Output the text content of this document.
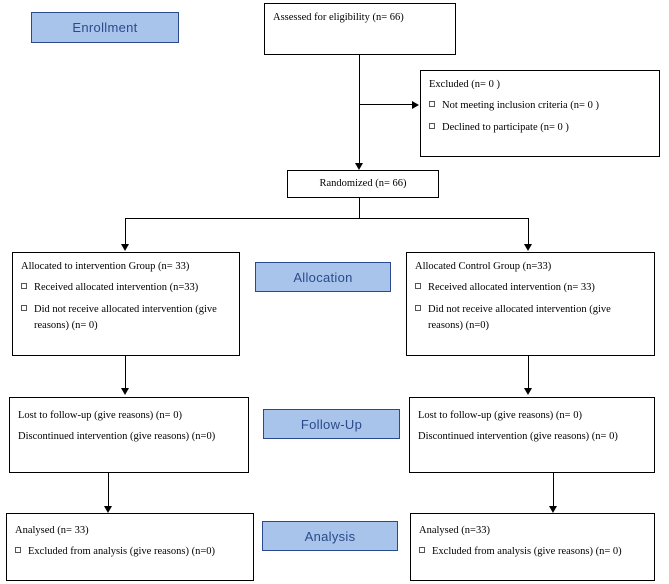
Enrollment
Assessed for eligibility (n= 66)
Excluded (n= 0 )
Not meeting inclusion criteria (n= 0 )
Declined to participate (n= 0 )
Randomized (n= 66)
Allocation
Allocated to intervention Group (n= 33)
Received allocated intervention (n=33)
Did not receive allocated intervention (give reasons) (n= 0)
Allocated Control Group (n=33)
Received allocated intervention (n= 33)
Did not receive allocated intervention (give reasons) (n=0)
Follow-Up
Lost to follow-up (give reasons) (n= 0)
Discontinued intervention (give reasons) (n=0)
Lost to follow-up (give reasons) (n= 0)
Discontinued intervention (give reasons) (n= 0)
Analysis
Analysed (n= 33)
Excluded from analysis (give reasons) (n=0)
Analysed (n=33)
Excluded from analysis (give reasons) (n= 0)
